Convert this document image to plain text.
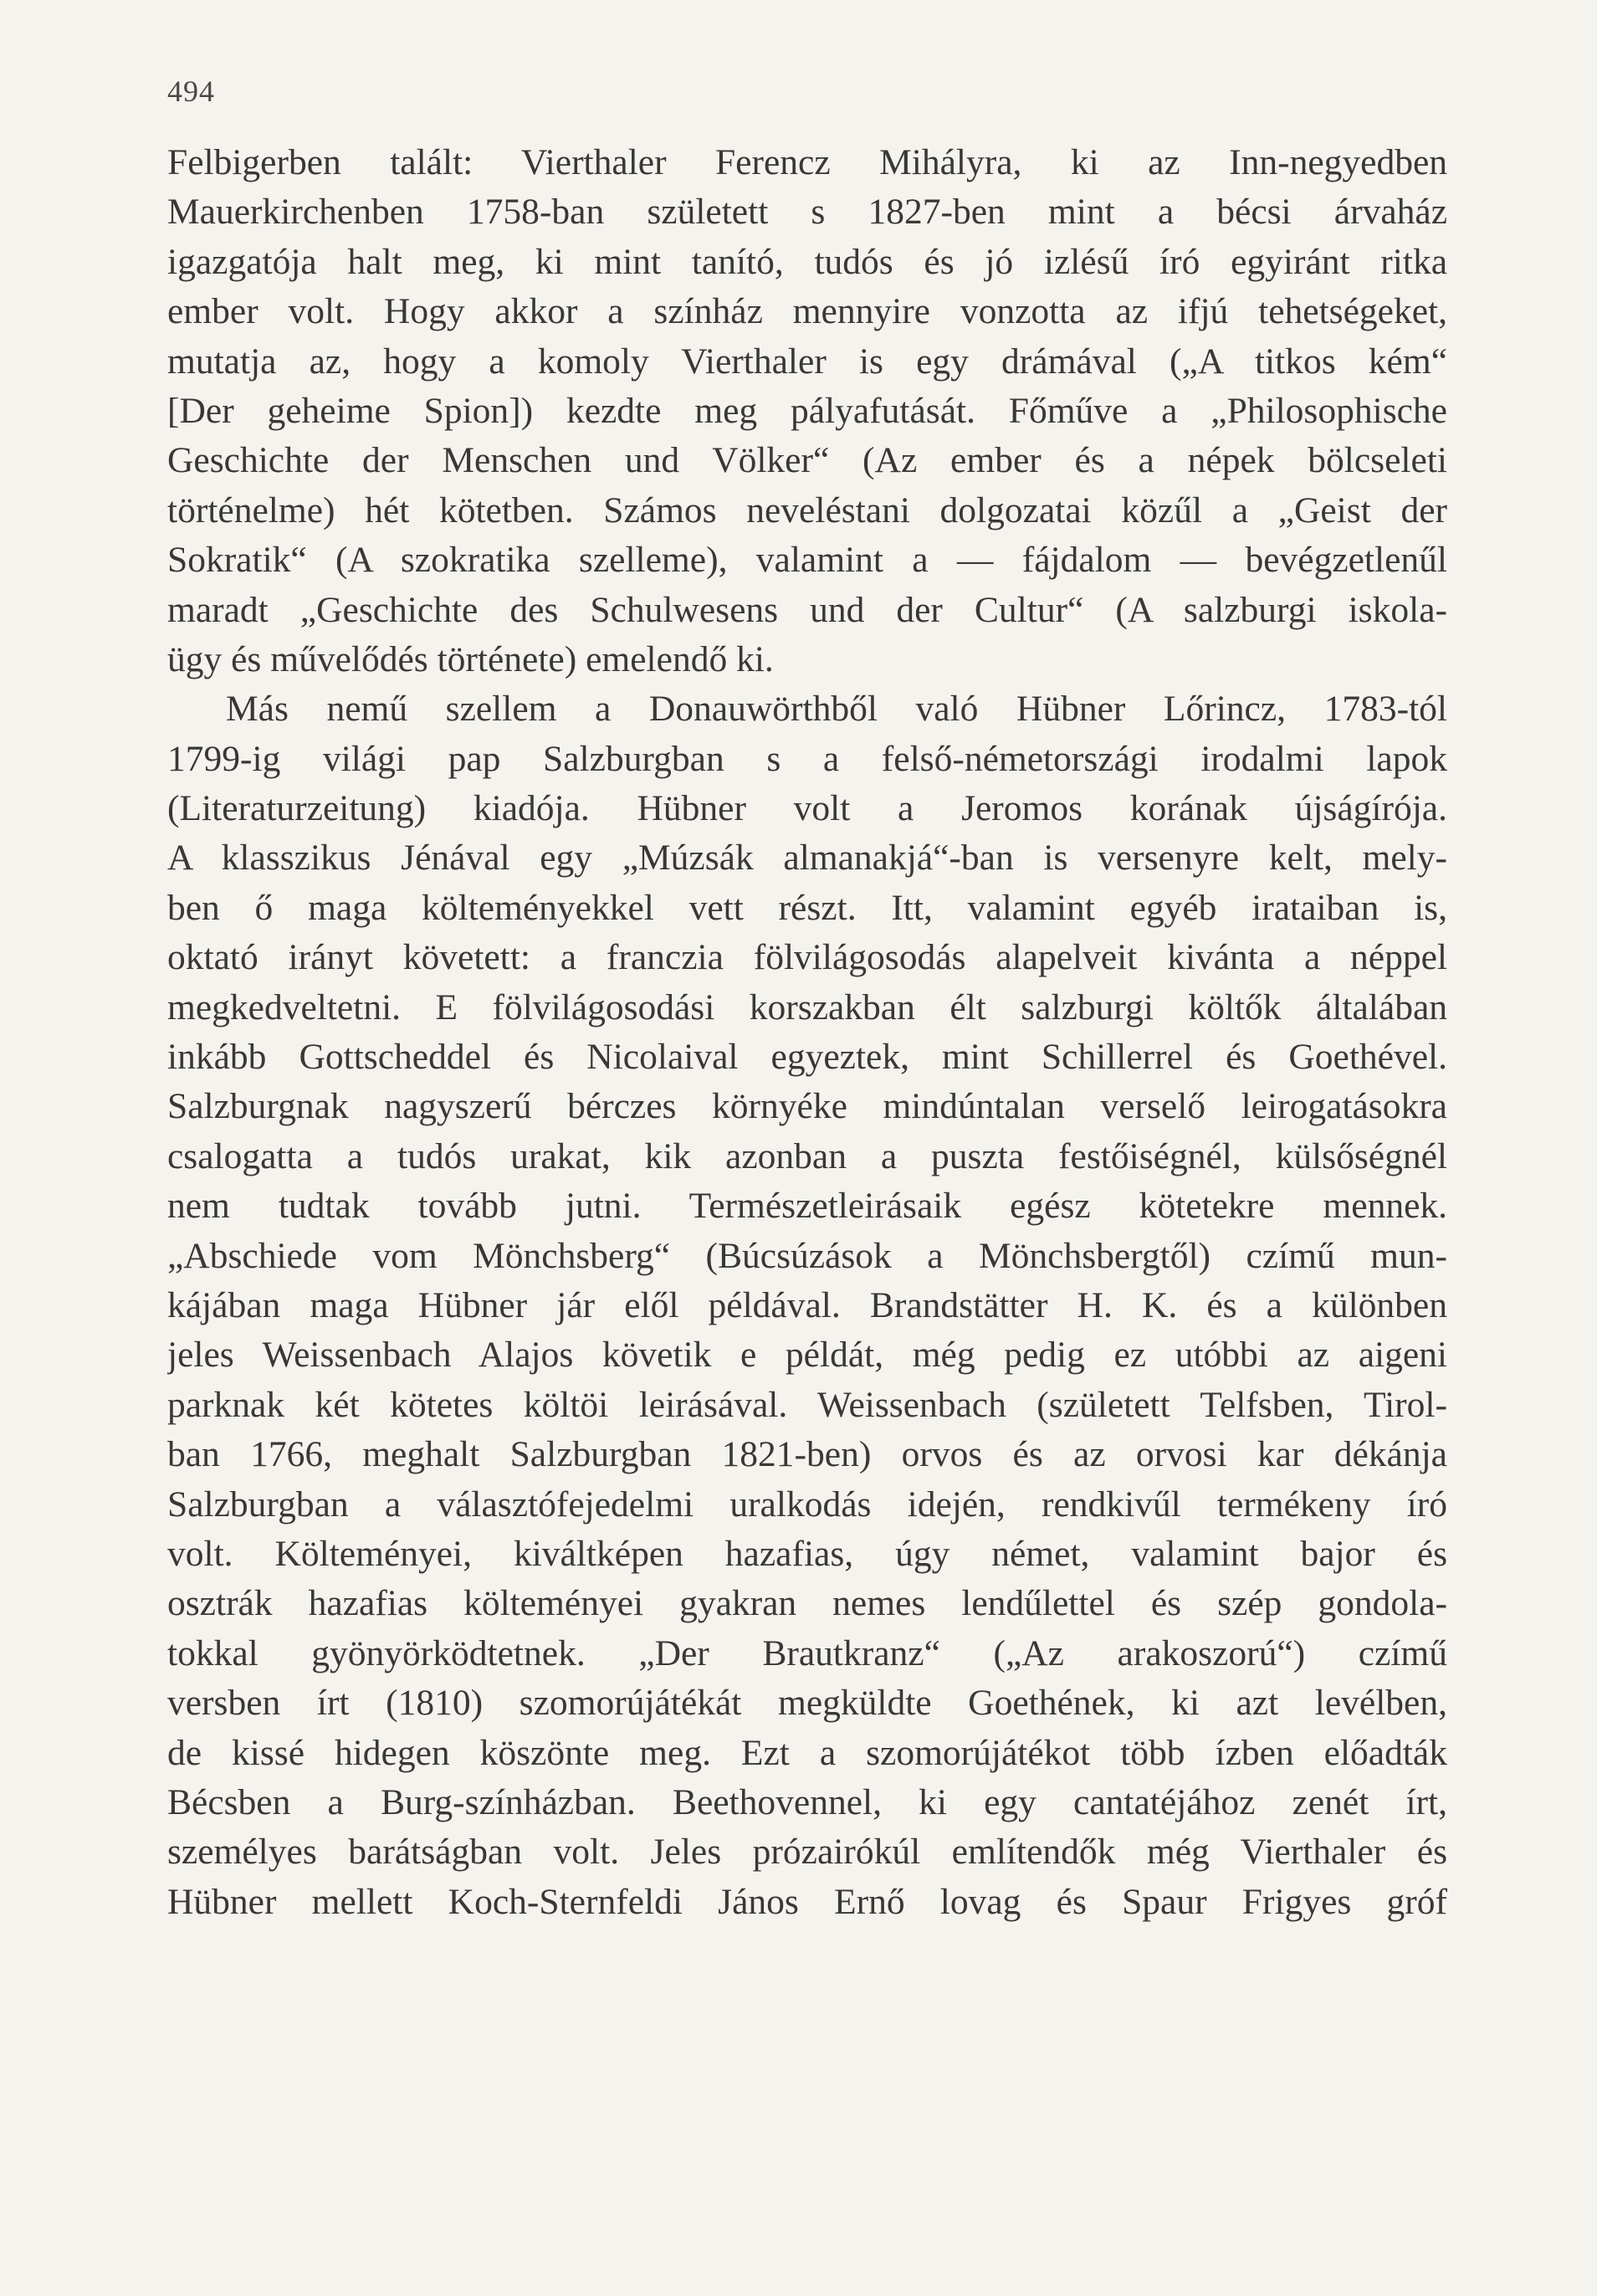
494
Felbigerben talált: Vierthaler Ferencz Mihályra, ki az Inn-negyedben
Mauerkirchenben 1758-ban született s 1827-ben mint a bécsi árvaház
igazgatója halt meg, ki mint tanító, tudós és jó izlésű író egyiránt ritka
ember volt. Hogy akkor a színház mennyire vonzotta az ifjú tehetségeket,
mutatja az, hogy a komoly Vierthaler is egy drámával („A titkos kém“
[Der geheime Spion]) kezdte meg pályafutását. Főműve a „Philosophische
Geschichte der Menschen und Völker“ (Az ember és a népek bölcseleti
történelme) hét kötetben. Számos neveléstani dolgozatai közűl a „Geist der
Sokratik“ (A szokratika szelleme), valamint a — fájdalom — bevégzetlenűl
maradt „Geschichte des Schulwesens und der Cultur“ (A salzburgi iskola-
ügy és művelődés története) emelendő ki.
Más nemű szellem a Donauwörthből való Hübner Lőrincz, 1783-tól
1799-ig világi pap Salzburgban s a felső-németországi irodalmi lapok
(Literaturzeitung) kiadója. Hübner volt a Jeromos korának újságírója.
A klasszikus Jénával egy „Múzsák almanakjá“-ban is versenyre kelt, mely-
ben ő maga költeményekkel vett részt. Itt, valamint egyéb irataiban is,
oktató irányt követett: a franczia fölvilágosodás alapelveit kivánta a néppel
megkedveltetni. E fölvilágosodási korszakban élt salzburgi költők általában
inkább Gottscheddel és Nicolaival egyeztek, mint Schillerrel és Goethével.
Salzburgnak nagyszerű bérczes környéke mindúntalan verselő leirogatásokra
csalogatta a tudós urakat, kik azonban a puszta festőiségnél, külsőségnél
nem tudtak tovább jutni. Természetleirásaik egész kötetekre mennek.
„Abschiede vom Mönchsberg“ (Búcsúzások a Mönchsbergtől) czímű mun-
kájában maga Hübner jár elől példával. Brandstätter H. K. és a különben
jeles Weissenbach Alajos követik e példát, még pedig ez utóbbi az aigeni
parknak két kötetes költöi leirásával. Weissenbach (született Telfsben, Tirol-
ban 1766, meghalt Salzburgban 1821-ben) orvos és az orvosi kar dékánja
Salzburgban a választófejedelmi uralkodás idején, rendkivűl termékeny író
volt. Költeményei, kiváltképen hazafias, úgy német, valamint bajor és
osztrák hazafias költeményei gyakran nemes lendűlettel és szép gondola-
tokkal gyönyörködtetnek. „Der Brautkranz“ („Az arakoszorú“) czímű
versben írt (1810) szomorújátékát megküldte Goethének, ki azt levélben,
de kissé hidegen köszönte meg. Ezt a szomorújátékot több ízben előadták
Bécsben a Burg-színházban. Beethovennel, ki egy cantatéjához zenét írt,
személyes barátságban volt. Jeles prózairókúl említendők még Vierthaler és
Hübner mellett Koch-Sternfeldi János Ernő lovag és Spaur Frigyes gróf
